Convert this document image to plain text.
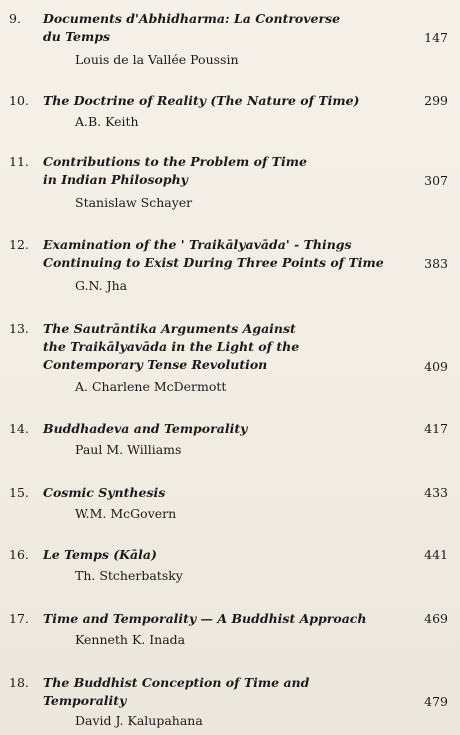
9. Documents d'Abhidharma: La Controverse
du Temps	147
Louis de la Vallée Poussin
10. The Doctrine of Reality (The Nature of Time)	299
A.B. Keith
11. Contributions to the Problem of Time
in Indian Philosophy	307
Stanislaw Schayer
12. Examination of the ' Traikālyavāda' - Things
Continuing to Exist During Three Points of Time	383
G.N. Jha
13. The Sautrāntika Arguments Against
the Traikālyavāda in the Light of the
Contemporary Tense Revolution	409
A. Charlene McDermott
14. Buddhadeva and Temporality	417
Paul M. Williams
15. Cosmic Synthesis	433
W.M. McGovern
16. Le Temps (Kāla)	441
Th. Stcherbatsky
17. Time and Temporality — A Buddhist Approach	469
Kenneth K. Inada
18. The Buddhist Conception of Time and
Temporality	479
David J. Kalupahana
